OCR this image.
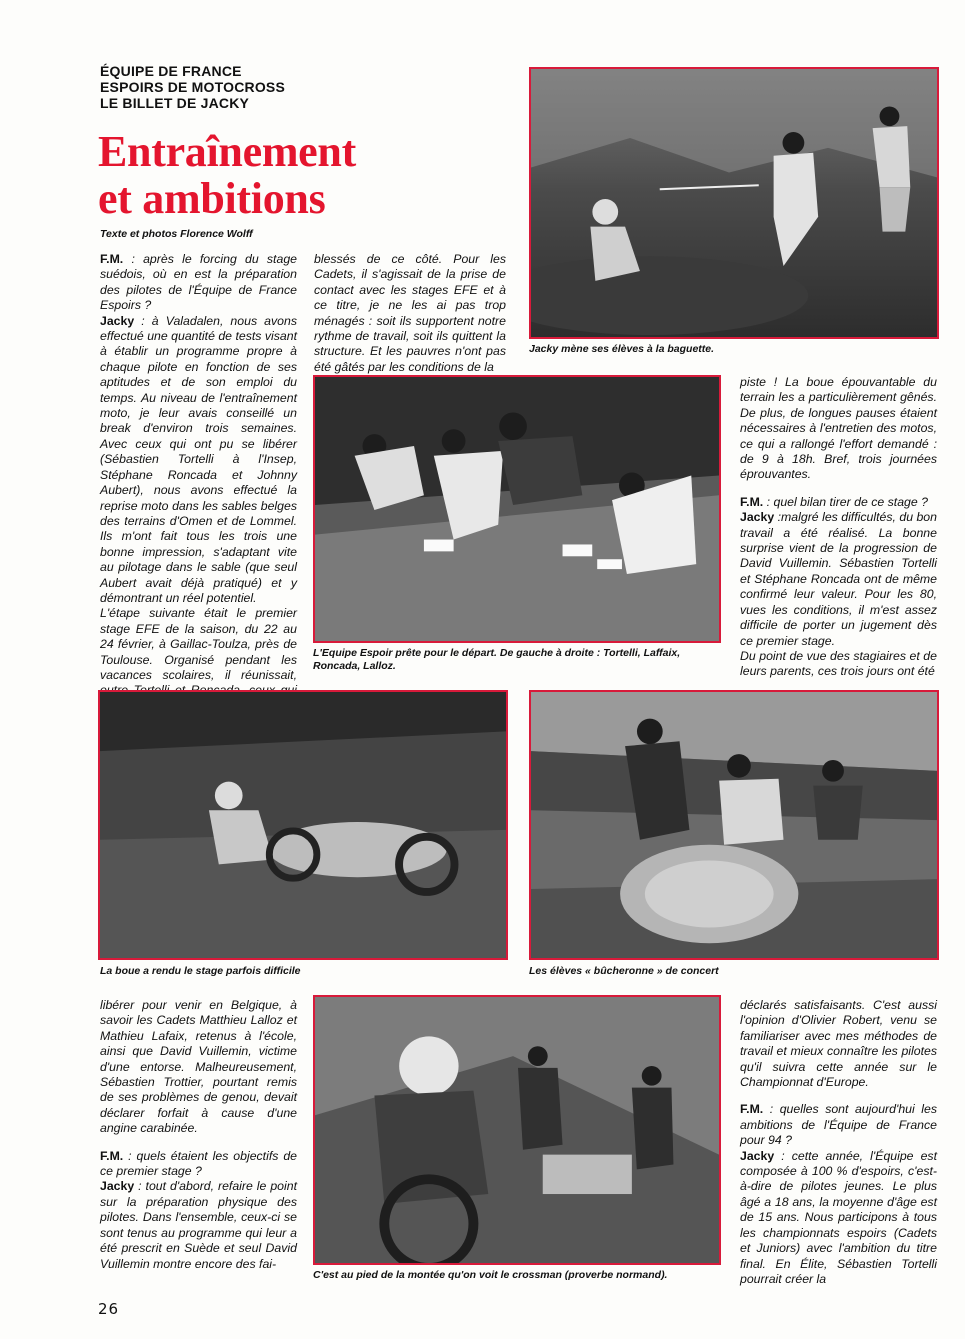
ÉQUIPE DE FRANCE
ESPOIRS DE MOTOCROSS
LE BILLET DE JACKY
Entraînement
et ambitions
Texte et photos Florence Wolff

F.M. : après le forcing du stage suédois, où en est la préparation des pilotes de l'Équipe de France Espoirs ?

Jacky : à Valadalen, nous avons effectué une quantité de tests visant à établir un programme propre à chaque pilote en fonction de ses aptitudes et de son emploi du temps. Au niveau de l'entraînement moto, je leur avais conseillé un break d'environ trois semaines. Avec ceux qui ont pu se libérer (Sébastien Tortelli à l'Insep, Stéphane Roncada et Johnny Aubert), nous avons effectué la reprise moto dans les sables belges des terrains d'Omen et de Lommel. Ils m'ont fait tous les trois une bonne impression, s'adaptant vite au pilotage dans le sable (que seul Aubert avait déjà pratiqué) et y démontrant un réel potentiel.

L'étape suivante était le premier stage EFE de la saison, du 22 au 24 février, à Gaillac-Toulza, près de Toulouse. Organisé pendant les vacances scolaires, il réunissait,

blessés de ce côté. Pour les Cadets, il s'agissait de la prise de contact avec les stages EFE et à ce titre, je ne les ai pas trop ménagés : soit ils supportent notre rythme de travail, soit ils quittent la structure. Et les pauvres n'ont pas été gâtés par les conditions de la

piste ! La boue épouvantable du terrain les a particulièrement gênés. De plus, de longues pauses étaient nécessaires à l'entretien des motos, ce qui a rallongé l'effort demandé : de 9 à 18h. Bref, trois journées éprouvantes.

F.M. : quel bilan tirer de ce stage ?

Jacky :malgré les difficultés, du bon travail a été réalisé. La bonne surprise vient de la progression de David Vuillemin. Sébastien Tortelli et Stéphane Roncada ont de même confirmé leur valeur. Pour les 80, vues les conditions, il m'est assez difficile de porter un jugement dès ce premier stage.

Du point de vue des stagiaires et de leurs parents, ces trois jours ont été

libérer pour venir en Belgique, à savoir les Cadets Matthieu Lalloz et Mathieu Lafaix, retenus à l'école, ainsi que David Vuillemin, victime d'une entorse. Malheureusement, Sébastien Trottier, pourtant remis de ses problèmes de genou, devait déclarer forfait à cause d'une angine carabinée.

F.M. : quels étaient les objectifs de ce premier stage ?

Jacky : tout d'abord, refaire le point sur la préparation physique des pilotes. Dans l'ensemble, ceux-ci se sont tenus au programme qui leur a été prescrit en Suède et seul David Vuillemin montre encore des fai-

déclarés satisfaisants. C'est aussi l'opinion d'Olivier Robert, venu se familiariser avec mes méthodes de travail et mieux connaître les pilotes qu'il suivra cette année sur le Championnat d'Europe.

F.M. : quelles sont aujourd'hui les ambitions de l'Équipe de France pour 94 ?

Jacky : cette année, l'Équipe est composée à 100 % d'espoirs, c'est-à-dire de pilotes jeunes. Le plus âgé a 18 ans, la moyenne d'âge est de 15 ans. Nous participons à tous les championnats espoirs (Cadets et Juniors) avec l'ambition du titre final. En Élite, Sébastien Tortelli pourrait créer la

Jacky mène ses élèves à la baguette.
L'Equipe Espoir prête pour le départ. De gauche à droite : Tortelli, Laffaix, Roncada, Lalloz.
La boue a rendu le stage parfois difficile	Les élèves « bûcheronne » de concert
C'est au pied de la montée qu'on voit le crossman (proverbe normand).
26
